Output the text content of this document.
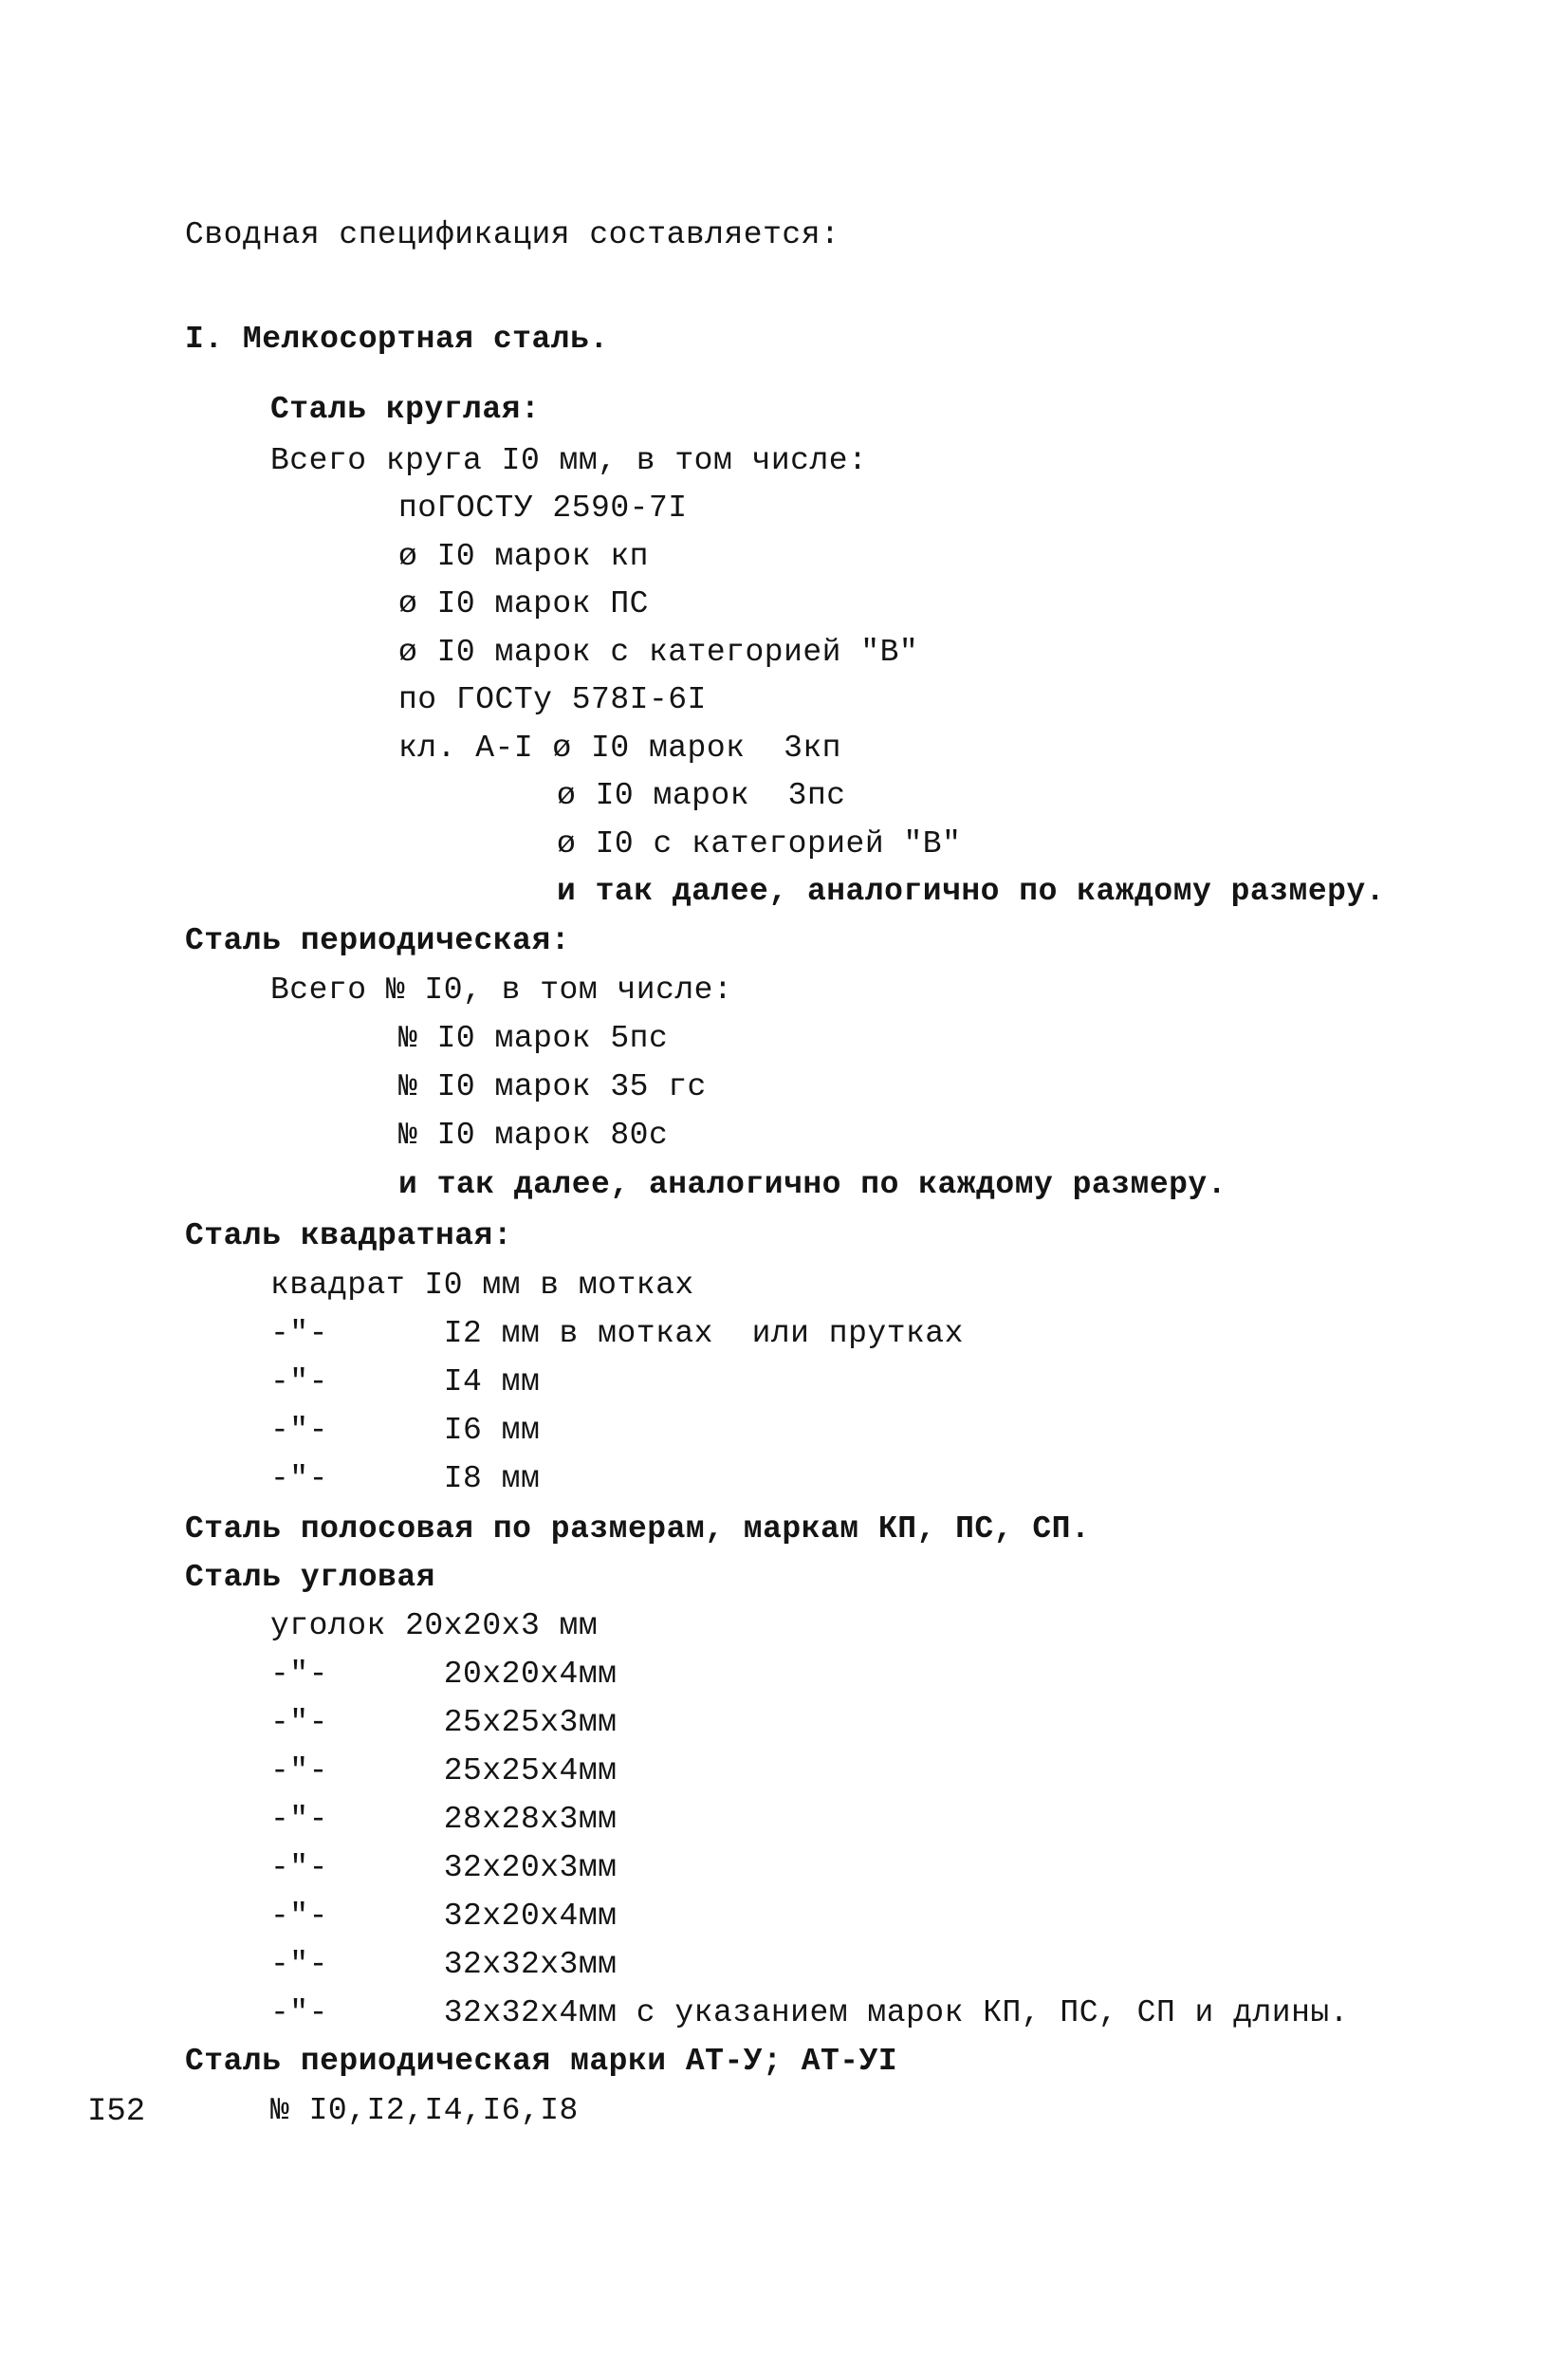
Сводная спецификация составляется:
I. Мелкосортная сталь.
Сталь круглая:
Всего круга I0 мм, в том числе:
поГОСТУ 2590-7I
ø I0 марок кп
ø I0 марок ПС
ø I0 марок с категорией "В"
по ГОСТу 578I-6I
кл. А-I ø I0 марок  3кп
ø I0 марок  3пс
ø I0 с категорией "В"
и так далее, аналогично по каждому размеру.
Сталь периодическая:
Всего № I0, в том числе:
№ I0 марок 5пс
№ I0 марок 35 гс
№ I0 марок 80с
и так далее, аналогично по каждому размеру.
Сталь квадратная:
квадрат I0 мм в мотках
-"-      I2 мм в мотках  или прутках
-"-      I4 мм
-"-      I6 мм
-"-      I8 мм
Сталь полосовая по размерам, маркам КП, ПС, СП.
Сталь угловая
уголок 20х20х3 мм
-"-      20х20х4мм
-"-      25х25х3мм
-"-      25х25х4мм
-"-      28х28х3мм
-"-      32х20х3мм
-"-      32х20х4мм
-"-      32х32х3мм
-"-      32х32х4мм с указанием марок КП, ПС, СП и длины.
Сталь периодическая марки АТ-У; АТ-УI
№ I0,I2,I4,I6,I8
I52
